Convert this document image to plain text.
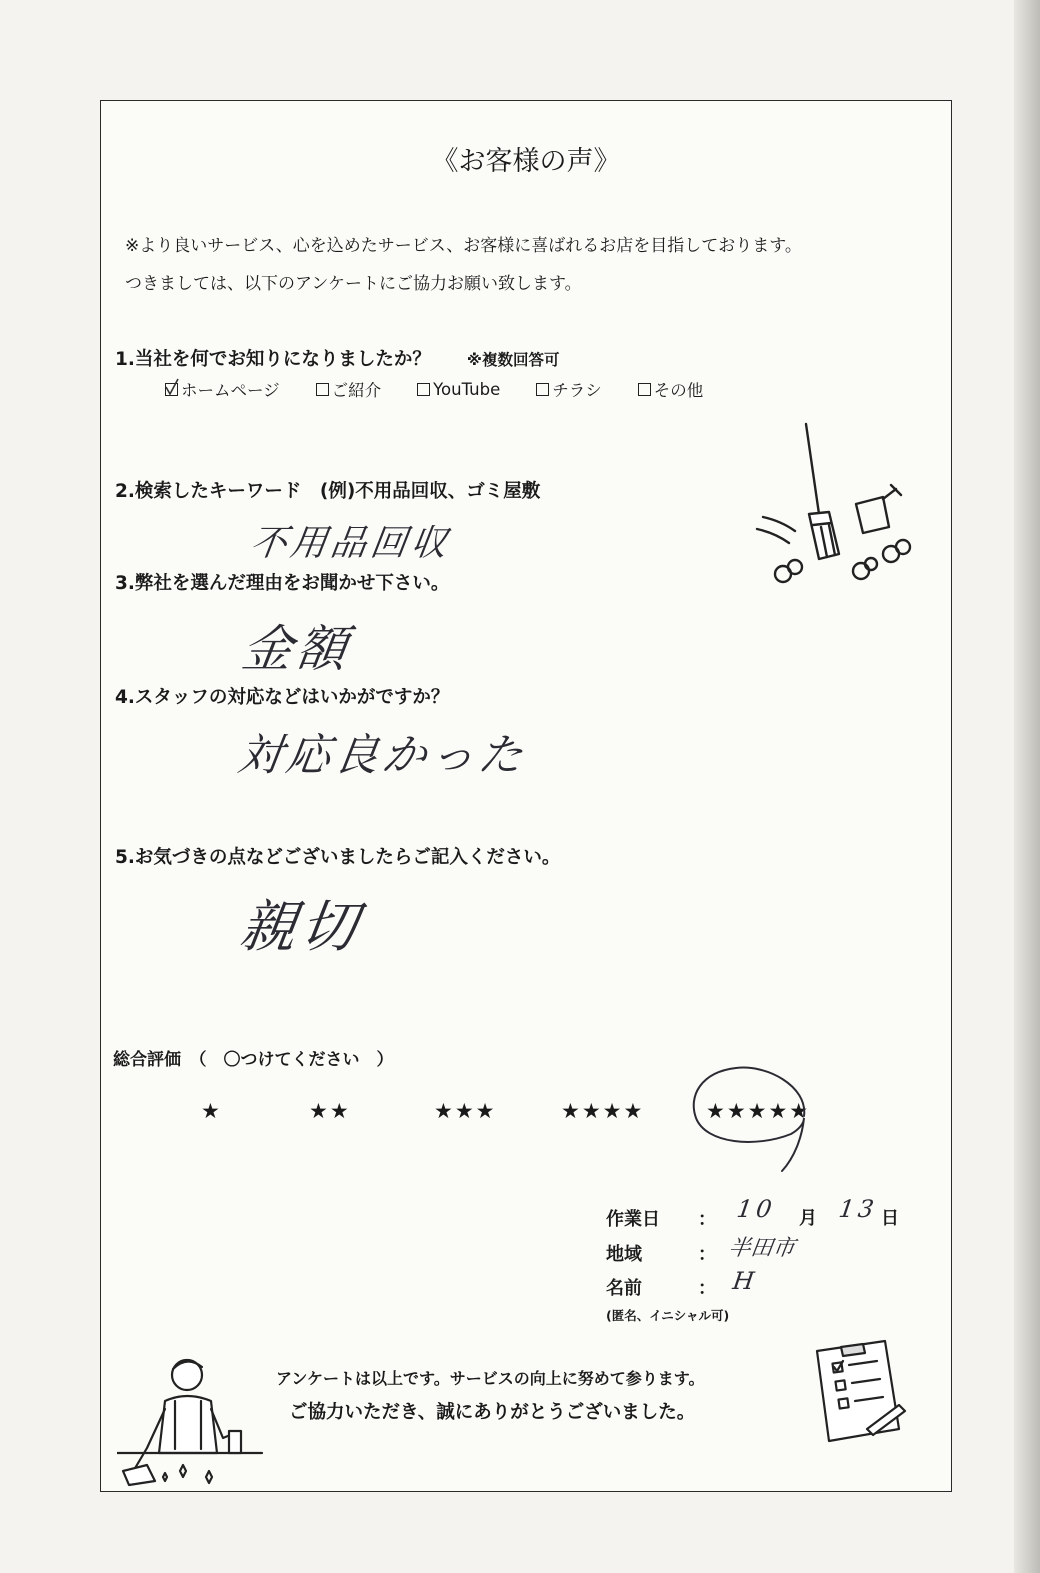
《お客様の声》
※より良いサービス、心を込めたサービス、お客様に喜ばれるお店を目指しております。
つきましては、以下のアンケートにご協力お願い致します。
1.当社を何でお知りになりましたか？ ※複数回答可
ホームページ	ご紹介	YouTube	チラシ	その他
2.検索したキーワード　(例)不用品回収、ゴミ屋敷
不用品回収
3.弊社を選んだ理由をお聞かせ下さい。
金額
4.スタッフの対応などはいかがですか？
対応良かった
5.お気づきの点などございましたらご記入ください。
親切
総合評価　（　〇つけてください　）
★	★★	★★★	★★★★	★★★★★
作業日 ： 10 月 13 日
地域	： 半田市
名前	： H
(匿名、イニシャル可)
アンケートは以上です。サービスの向上に努めて参ります。
ご協力いただき、誠にありがとうございました。
